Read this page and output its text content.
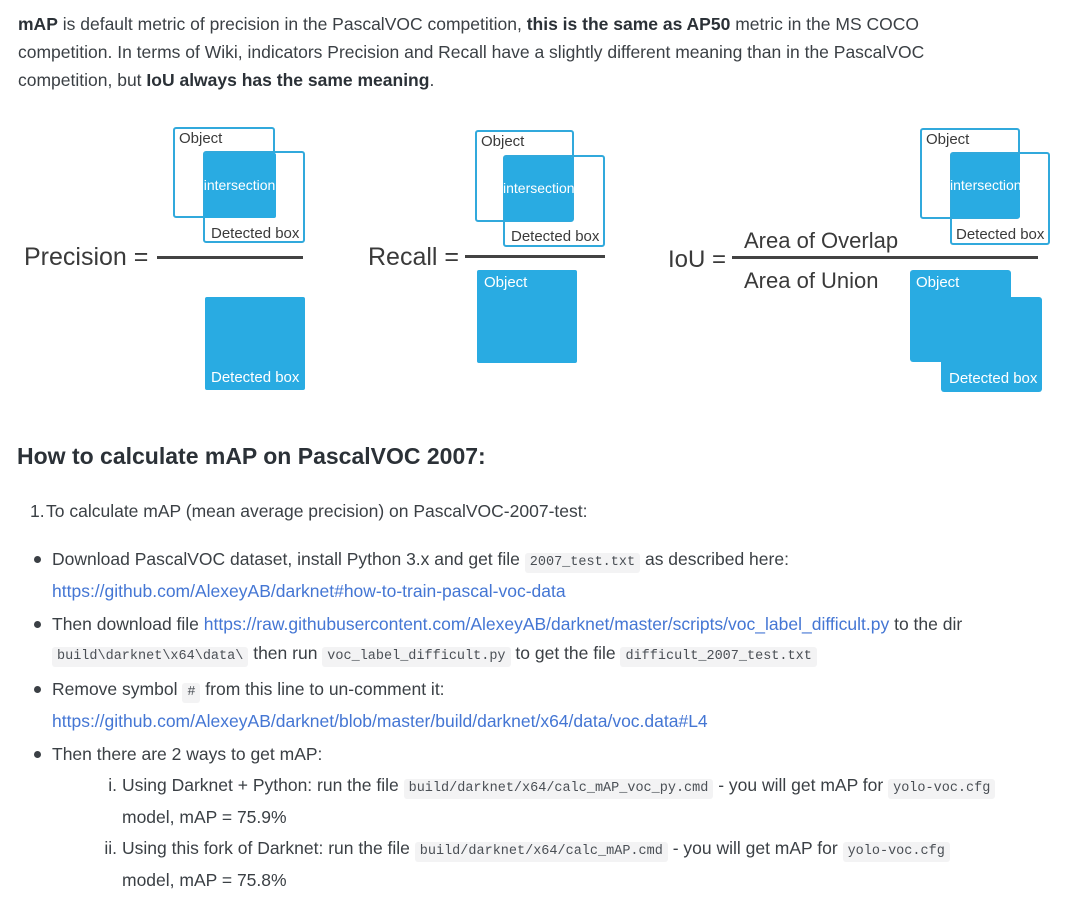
mAP is default metric of precision in the PascalVOC competition, this is the same as AP50 metric in the MS COCO
competition. In terms of Wiki, indicators Precision and Recall have a slightly different meaning than in the PascalVOC
competition, but IoU always has the same meaning.
Precision =
Object
intersection
Detected box
Detected box
Recall =
Object
intersection
Detected box
Object
IoU =
Area of Overlap
Area of Union
Object
intersection
Detected box
Object
Detected box
How to calculate mAP on PascalVOC 2007:
1. To calculate mAP (mean average precision) on PascalVOC-2007-test:
Download PascalVOC dataset, install Python 3.x and get file 2007_test.txt as described here:
https://github.com/AlexeyAB/darknet#how-to-train-pascal-voc-data
Then download file https://raw.githubusercontent.com/AlexeyAB/darknet/master/scripts/voc_label_difficult.py to the dir
build\darknet\x64\data\ then run voc_label_difficult.py to get the file difficult_2007_test.txt
Remove symbol # from this line to un-comment it:
https://github.com/AlexeyAB/darknet/blob/master/build/darknet/x64/data/voc.data#L4
Then there are 2 ways to get mAP:
i. Using Darknet + Python: run the file build/darknet/x64/calc_mAP_voc_py.cmd - you will get mAP for yolo-voc.cfg
model, mAP = 75.9%
ii. Using this fork of Darknet: run the file build/darknet/x64/calc_mAP.cmd - you will get mAP for yolo-voc.cfg
model, mAP = 75.8%
